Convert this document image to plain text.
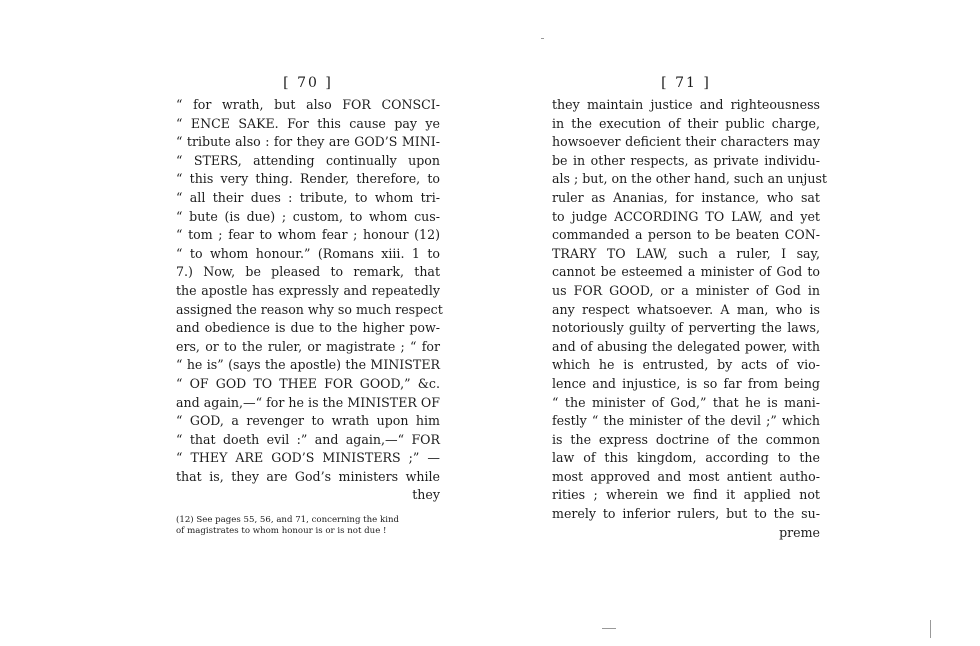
[ 70 ]
“ for wrath, but also FOR CONSCI-
“ ENCE SAKE. For this cause pay ye
“ tribute also : for they are GOD’S MINI-
“ STERS, attending continually upon
“ this very thing. Render, therefore, to
“ all their dues : tribute, to whom tri-
“ bute (is due) ; custom, to whom cus-
“ tom ; fear to whom fear ; honour (12)
“ to whom honour.” (Romans xiii. 1 to
7.) Now, be pleased to remark, that
the apostle has expressly and repeatedly
assigned the reason why so much respect
and obedience is due to the higher pow-
ers, or to the ruler, or magistrate ; “ for
“ he is” (says the apostle) the MINISTER
“ OF GOD TO THEE FOR GOOD,” &c.
and again,—“ for he is the MINISTER OF
“ GOD, a revenger to wrath upon him
“ that doeth evil :” and again,—“ FOR
“ THEY ARE GOD’S MINISTERS ;” —
that is, they are God’s ministers while
they
(12) See pages 55, 56, and 71, concerning the kind
of magistrates to whom honour is or is not due !
[ 71 ]
they maintain justice and righteousness
in the execution of their public charge,
howsoever deficient their characters may
be in other respects, as private individu-
als ; but, on the other hand, such an unjust
ruler as Ananias, for instance, who sat
to judge ACCORDING TO LAW, and yet
commanded a person to be beaten CON-
TRARY TO LAW, such a ruler, I say,
cannot be esteemed a minister of God to
us FOR GOOD, or a minister of God in
any respect whatsoever. A man, who is
notoriously guilty of perverting the laws,
and of abusing the delegated power, with
which he is entrusted, by acts of vio-
lence and injustice, is so far from being
“ the minister of God,” that he is mani-
festly “ the minister of the devil ;” which
is the express doctrine of the common
law of this kingdom, according to the
most approved and most antient autho-
rities ; wherein we find it applied not
merely to inferior rulers, but to the su-
preme
